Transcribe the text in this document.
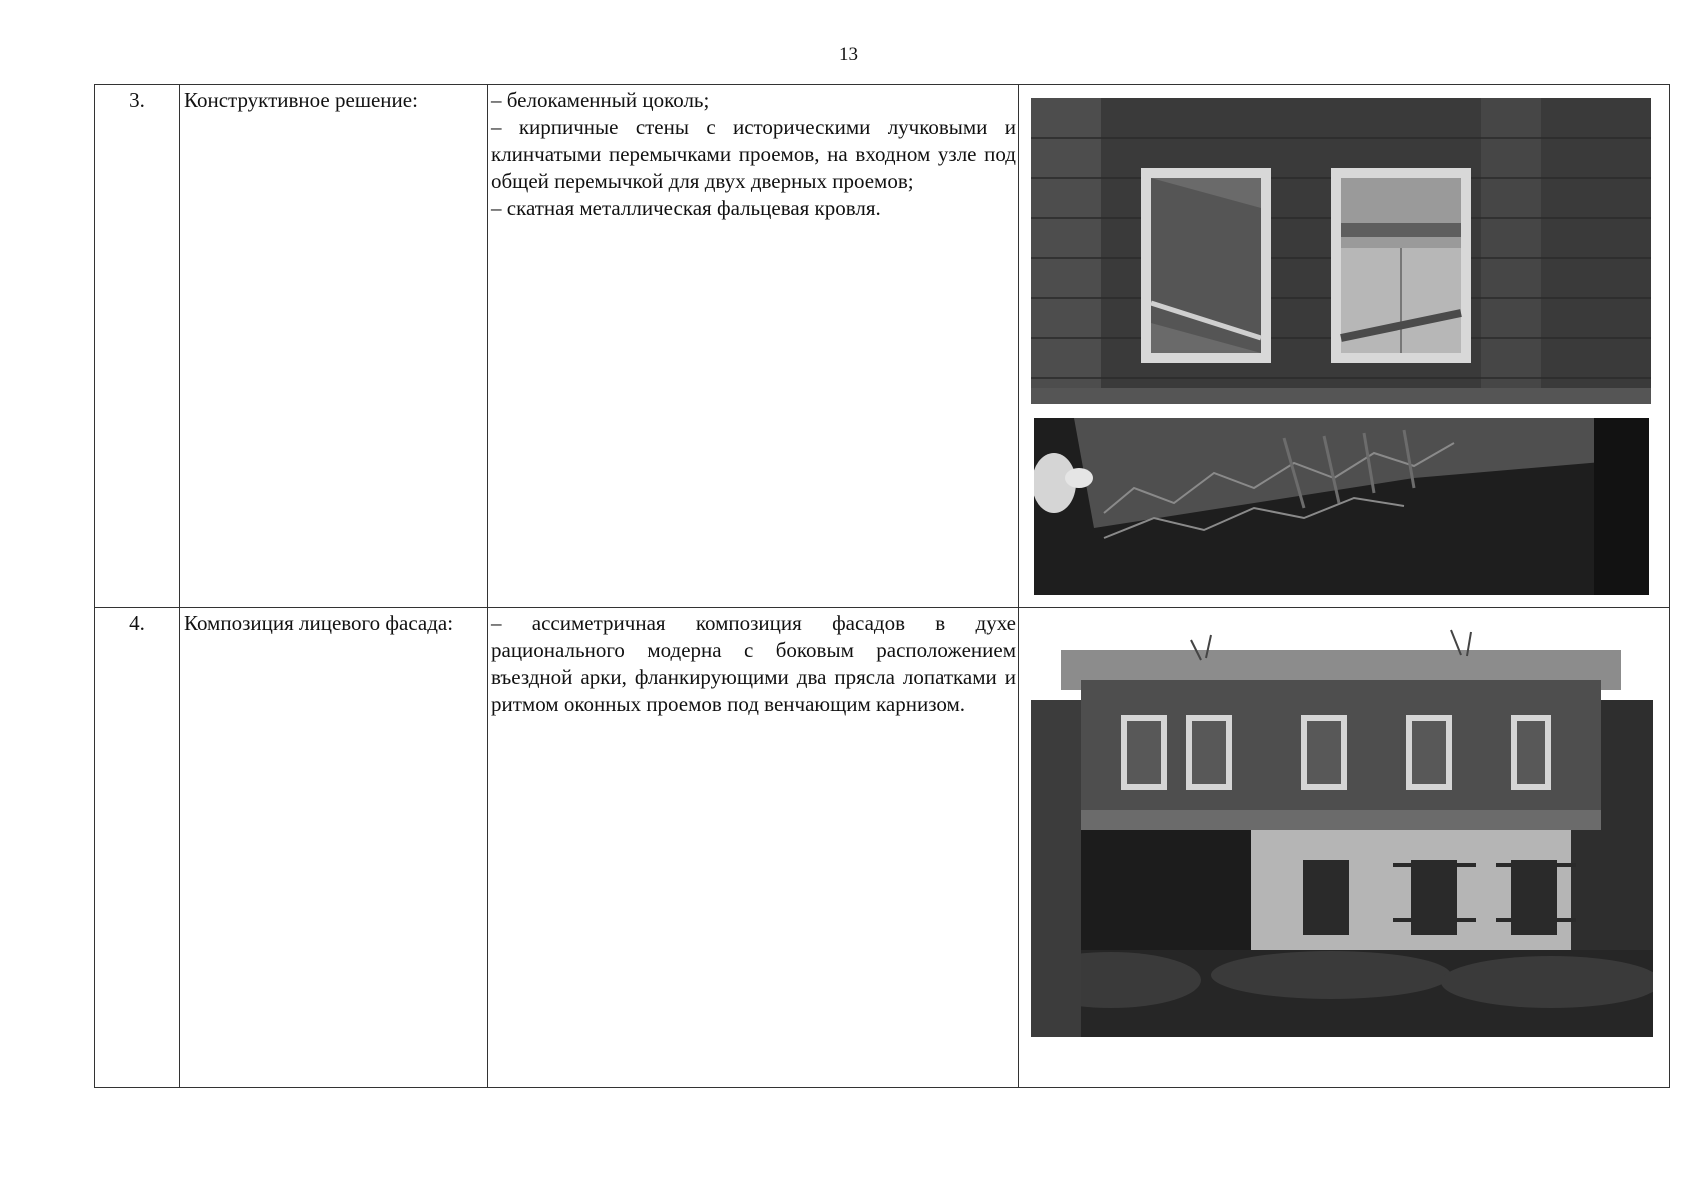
13
3.	Конструктивное решение:	– белокаменный цоколь;
– кирпичные стены с историческими лучковыми и клинчатыми перемычками проемов, на входном узле под общей перемычкой для двух дверных проемов;
– скатная металлическая фальцевая кровля.

4.	Композиция лицевого фасада:	– ассиметричная композиция фасадов в духе рационального модерна с боковым расположением въездной арки, фланкирующими два прясла лопатками и ритмом оконных проемов под венчающим карнизом.
